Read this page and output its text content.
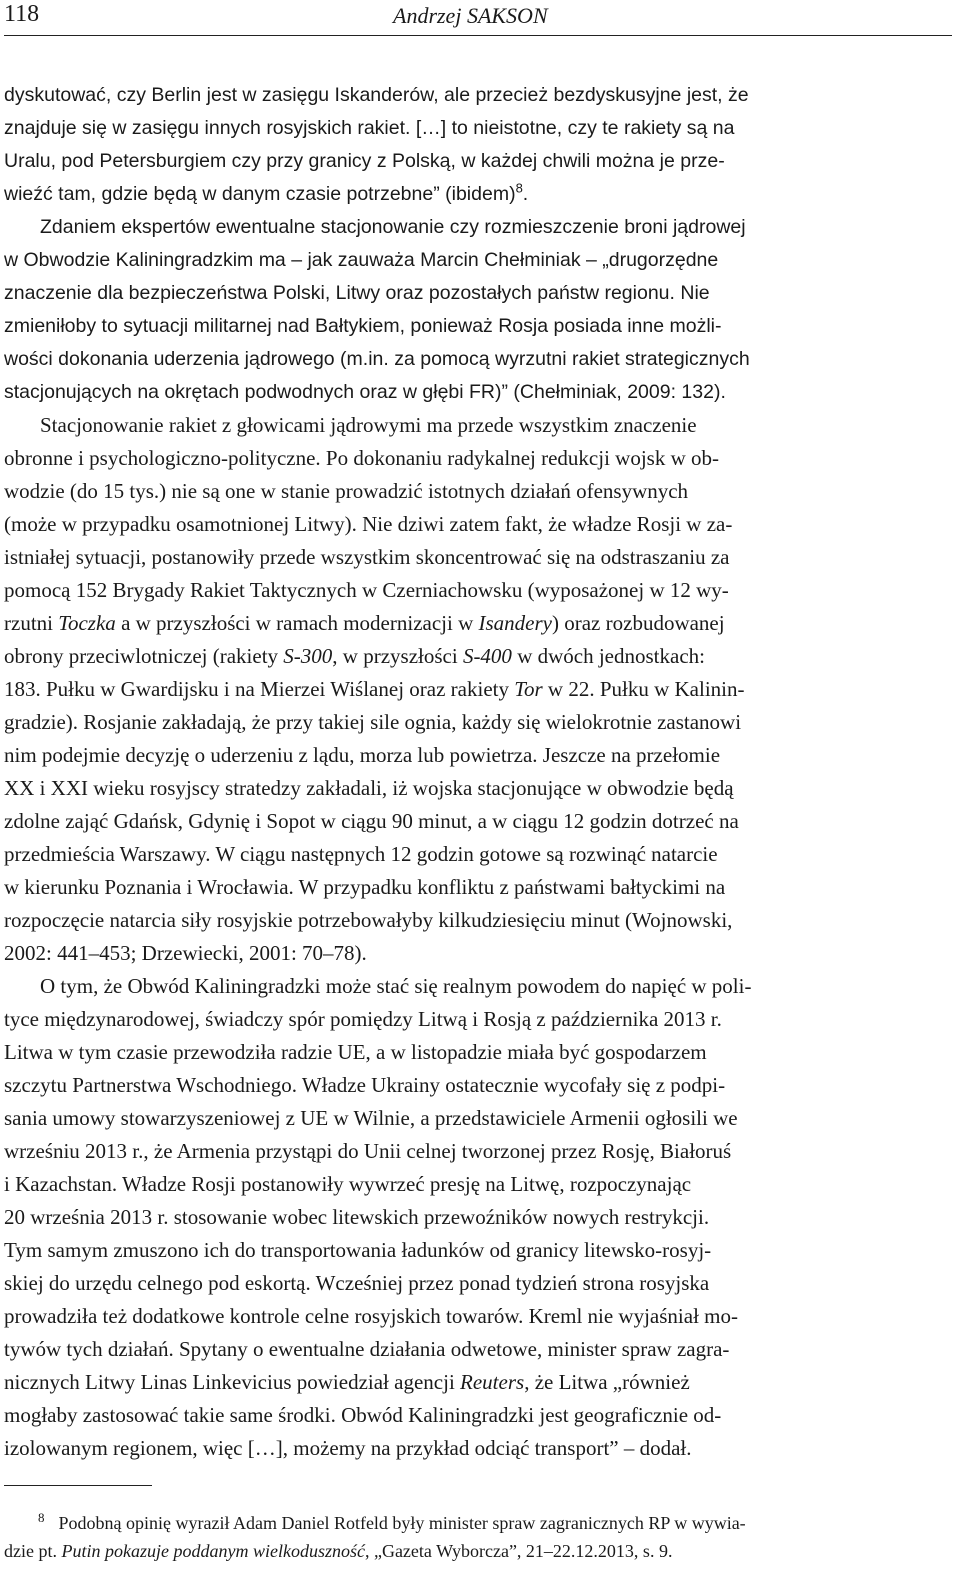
118	Andrzej SAKSON
dyskutować, czy Berlin jest w zasięgu Iskanderów, ale przecież bezdyskusyjne jest, że
znajduje się w zasięgu innych rosyjskich rakiet. […] to nieistotne, czy te rakiety są na
Uralu, pod Petersburgiem czy przy granicy z Polską, w każdej chwili można je prze-
wieźć tam, gdzie będą w danym czasie potrzebne” (ibidem)$^8$.
Zdaniem ekspertów ewentualne stacjonowanie czy rozmieszczenie broni jądrowej
w Obwodzie Kaliningradzkim ma – jak zauważa Marcin Chełminiak – „drugorzędne
znaczenie dla bezpieczeństwa Polski, Litwy oraz pozostałych państw regionu. Nie
zmieniłoby to sytuacji militarnej nad Bałtykiem, ponieważ Rosja posiada inne możli-
wości dokonania uderzenia jądrowego (m.in. za pomocą wyrzutni rakiet strategicznych
stacjonujących na okrętach podwodnych oraz w głębi FR)” (Chełminiak, 2009: 132).
Stacjonowanie rakiet z głowicami jądrowymi ma przede wszystkim znaczenie
obronne i psychologiczno-polityczne. Po dokonaniu radykalnej redukcji wojsk w ob-
wodzie (do 15 tys.) nie są one w stanie prowadzić istotnych działań ofensywnych
(może w przypadku osamotnionej Litwy). Nie dziwi zatem fakt, że władze Rosji w za-
istniałej sytuacji, postanowiły przede wszystkim skoncentrować się na odstraszaniu za
pomocą 152 Brygady Rakiet Taktycznych w Czerniachowsku (wyposażonej w 12 wy-
rzutni Toczka a w przyszłości w ramach modernizacji w Isandery) oraz rozbudowanej
obrony przeciwlotniczej (rakiety S-300, w przyszłości S-400 w dwóch jednostkach:
183. Pułku w Gwardijsku i na Mierzei Wiślanej oraz rakiety Tor w 22. Pułku w Kalinin-
gradzie). Rosjanie zakładają, że przy takiej sile ognia, każdy się wielokrotnie zastanowi
nim podejmie decyzję o uderzeniu z lądu, morza lub powietrza. Jeszcze na przełomie
XX i XXI wieku rosyjscy stratedzy zakładali, iż wojska stacjonujące w obwodzie będą
zdolne zająć Gdańsk, Gdynię i Sopot w ciągu 90 minut, a w ciągu 12 godzin dotrzeć na
przedmieścia Warszawy. W ciągu następnych 12 godzin gotowe są rozwinąć natarcie
w kierunku Poznania i Wrocławia. W przypadku konfliktu z państwami bałtyckimi na
rozpoczęcie natarcia siły rosyjskie potrzebowałyby kilkudziesięciu minut (Wojnowski,
2002: 441–453; Drzewiecki, 2001: 70–78).
O tym, że Obwód Kaliningradzki może stać się realnym powodem do napięć w poli-
tyce międzynarodowej, świadczy spór pomiędzy Litwą i Rosją z października 2013 r.
Litwa w tym czasie przewodziła radzie UE, a w listopadzie miała być gospodarzem
szczytu Partnerstwa Wschodniego. Władze Ukrainy ostatecznie wycofały się z podpi-
sania umowy stowarzyszeniowej z UE w Wilnie, a przedstawiciele Armenii ogłosili we
wrześniu 2013 r., że Armenia przystąpi do Unii celnej tworzonej przez Rosję, Białoruś
i Kazachstan. Władze Rosji postanowiły wywrzeć presję na Litwę, rozpoczynając
20 września 2013 r. stosowanie wobec litewskich przewoźników nowych restrykcji.
Tym samym zmuszono ich do transportowania ładunków od granicy litewsko-rosyj-
skiej do urzędu celnego pod eskortą. Wcześniej przez ponad tydzień strona rosyjska
prowadziła też dodatkowe kontrole celne rosyjskich towarów. Kreml nie wyjaśniał mo-
tywów tych działań. Spytany o ewentualne działania odwetowe, minister spraw zagra-
nicznych Litwy Linas Linkevicius powiedział agencji Reuters, że Litwa „również
mogłaby zastosować takie same środki. Obwód Kaliningradzki jest geograficznie od-
izolowanym regionem, więc […], możemy na przykład odciąć transport” – dodał.
$^8$ Podobną opinię wyraził Adam Daniel Rotfeld były minister spraw zagranicznych RP w wywia-
dzie pt. Putin pokazuje poddanym wielkoduszność, „Gazeta Wyborcza”, 21–22.12.2013, s. 9.
